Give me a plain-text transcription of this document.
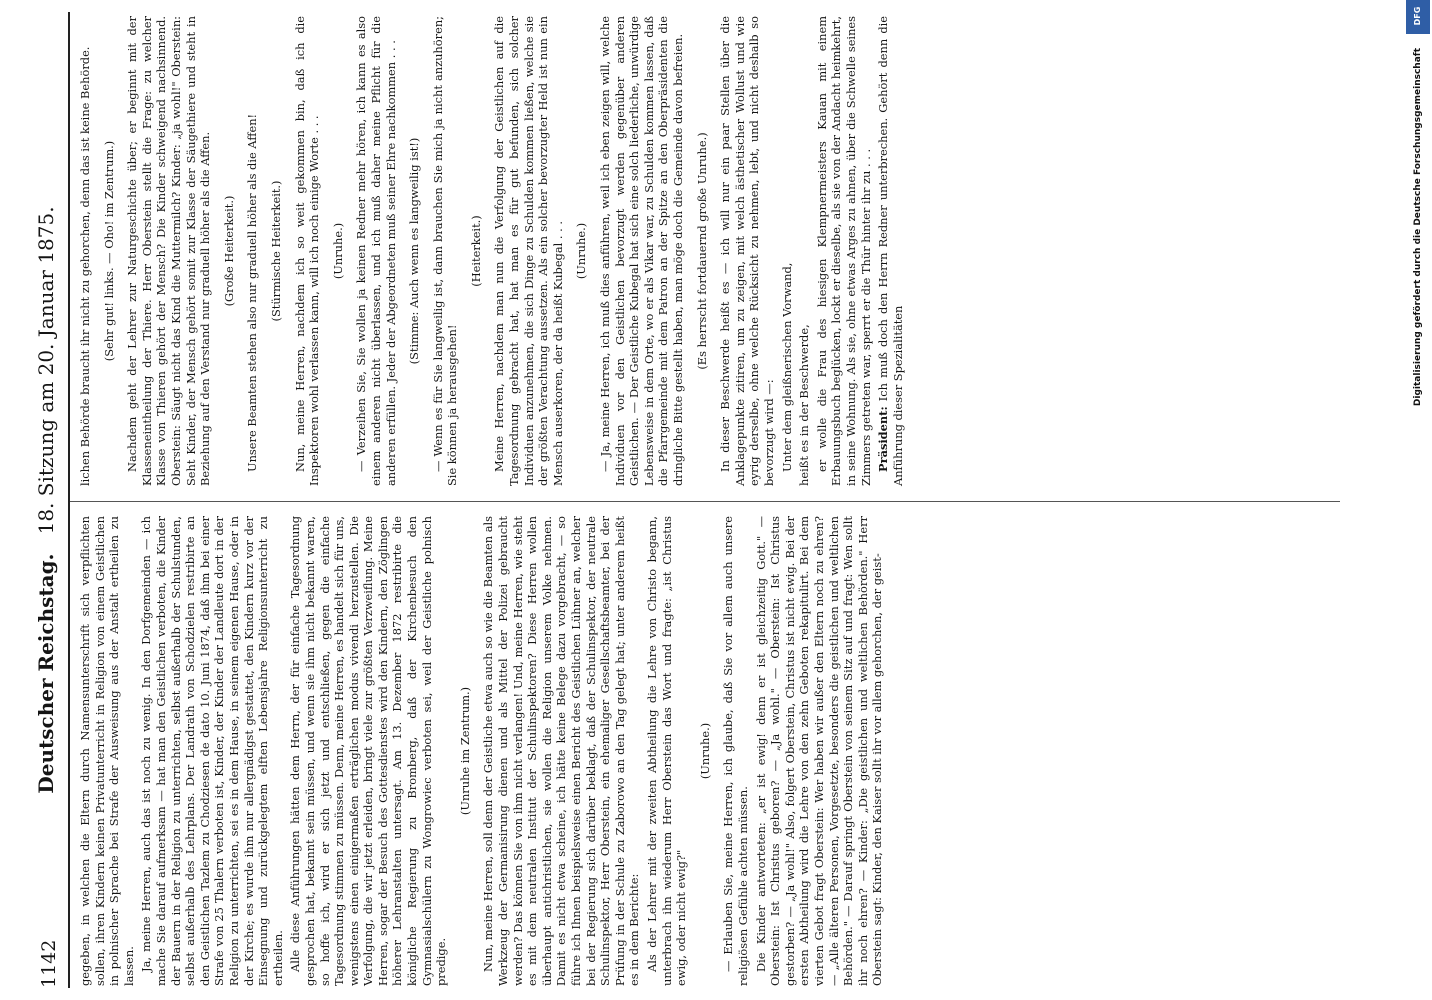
1142
Deutscher Reichstag.   18. Sitzung am 20. Januar 1875.

gegeben, in welchen die Eltern durch Namensunterschrift sich verpflichten sollen, ihren Kindern keinen Privatunterricht in Religion von einem Geistlichen in polnischer Sprache bei Strafe der Ausweisung aus der Anstalt ertheilen zu lassen. Ja, meine Herren, auch das ist noch zu wenig. In den Dorfgemeinden — ich mache Sie darauf aufmerksam — hat man den Geistlichen verboten, die Kinder der Bauern in der Religion zu unterrichten, selbst außerhalb der Schulstunden, selbst außerhalb des Lehrplans. Der Landrath von Schodzielen restribirte an den Geistlichen Tazlem zu Chodziesen de dato 10. Juni 1874, daß ihm bei einer Strafe von 25 Thalern verboten ist, Kinder, der Kinder der Landleute dort in der Religion zu unterrichten, sei es in dem Hause, in seinem eigenen Hause, oder in der Kirche; es wurde ihm nur allergnädigst gestattet, den Kindern kurz vor der Einsegnung und zurückgelegtem elften Lebensjahre Religionsunterricht zu ertheilen. Alle diese Anführungen hätten dem Herrn, der für einfache Tagesordnung gesprochen hat, bekannt sein müssen, und wenn sie ihm nicht bekannt waren, so hoffe ich, wird er sich jetzt und entschließen, gegen die einfache Tagesordnung stimmen zu müssen. Denn, meine Herren, es handelt sich für uns, wenigstens einen einigermaßen erträglichen modus vivendi herzustellen. Die Verfolgung, die wir jetzt erleiden, bringt viele zur größten Verzweiflung. Meine Herren, sogar der Besuch des Gottesdienstes wird den Kindern, den Zöglingen höherer Lehranstalten untersagt. Am 13. Dezember 1872 restribirte die königliche Regierung zu Bromberg, daß der Kirchenbesuch den Gymnasialschülern zu Wongrowiec verboten sei, weil der Geistliche polnisch predige.

(Unruhe im Zentrum.) Nun, meine Herren, soll denn der Geistliche etwa auch so wie die Beamten als Werkzeug der Germanisirung dienen und als Mittel der Polizei gebraucht werden? Das können Sie von ihm nicht verlangen! Und, meine Herren, wie steht es mit dem neutralen Institut der Schulinspektoren? Diese Herren wollen überhaupt antichristlichen, sie wollen die Religion unserem Volke nehmen. Damit es nicht etwa scheine, ich hätte keine Belege dazu vorgebracht, — so führe ich Ihnen beispielsweise einen Bericht des Geistlichen Lühner an, welcher bei der Regierung sich darüber beklagt, daß der Schulinspektor, der neutrale Schulinspektor, Herr Oberstein, ein ehemaliger Gesellschaftsbeamter, bei der Prüfung in der Schule zu Zaborowo an den Tag gelegt hat; unter anderem heißt es in dem Berichte: Als der Lehrer mit der zweiten Abtheilung die Lehre von Christo begann, unterbrach ihn wiederum Herr Oberstein das Wort und fragte: „ist Christus ewig, oder nicht ewig?"

(Unruhe.) — Erlauben Sie, meine Herren, ich glaube, daß Sie vor allem auch unsere religiösen Gefühle achten müssen. Die Kinder antworteten: „er ist ewig! denn er ist gleichzeitig Gott." — Oberstein: Ist Christus geboren? — „Ja wohl." — Oberstein: Ist Christus gestorben? — „Ja wohl!" Also, folgert Oberstein, Christus ist nicht ewig. Bei der ersten Abtheilung wird die Lehre von den zehn Geboten rekapitulirt. Bei dem vierten Gebot fragt Oberstein: Wer haben wir außer den Eltern noch zu ehren? — „Alle älteren Personen, Vorgesetzte, besonders die geistlichen und weltlichen Behörden." — Darauf springt Oberstein von seinem Sitz auf und fragt: Wen sollt ihr noch ehren? — Kinder: „Die geistlichen und weltlichen Behörden." Herr Oberstein sagt: Kinder, den Kaiser sollt ihr vor allem gehorchen, der geist-

lichen Behörde braucht ihr nicht zu gehorchen, denn das ist keine Behörde. (Sehr gut! links. — Oho! im Zentrum.) Nachdem geht der Lehrer zur Naturgeschichte über; er beginnt mit der Klasseneintheilung der Thiere. Herr Oberstein stellt die Frage: zu welcher Klasse von Thieren gehört der Mensch? Die Kinder schweigend nachsinnend. Oberstein: Säugt nicht das Kind die Muttermilch? Kinder: „ja wohl!" Oberstein: Seht Kinder, der Mensch gehört somit zur Klasse der Säugethiere und steht in Beziehung auf den Verstand nur graduell höher als die Affen. (Große Heiterkeit.) Unsere Beamten stehen also nur graduell höher als die Affen! (Stürmische Heiterkeit.) Nun, meine Herren, nachdem ich so weit gekommen bin, daß ich die Inspektoren wohl verlassen kann, will ich noch einige Worte . . . (Unruhe.) — Verzeihen Sie, Sie wollen ja keinen Redner mehr hören, ich kann es also einem anderen nicht überlassen, und ich muß daher meine Pflicht für die anderen erfüllen. Jeder der Abgeordneten muß seiner Ehre nachkommen . . . (Stimme: Auch wenn es langweilig ist!) — Wenn es für Sie langweilig ist, dann brauchen Sie mich ja nicht anzuhören; Sie können ja herausgehen!

(Heiterkeit.) Meine Herren, nachdem man nun die Verfolgung der Geistlichen auf die Tagesordnung gebracht hat, hat man es für gut befunden, sich solcher Individuen anzunehmen, die sich Dinge zu Schulden kommen ließen, welche sie der größten Verachtung aussetzen. Als ein solcher bevorzugter Held ist nun ein Mensch auserkoren, der da heißt Kubegal . . . (Unruhe.) — Ja, meine Herren, ich muß dies anführen, weil ich eben zeigen will, welche Individuen vor den Geistlichen bevorzugt werden gegenüber anderen Geistlichen. — Der Geistliche Kubegal hat sich eine solch liederliche, unwürdige Lebensweise in dem Orte, wo er als Vikar war, zu Schulden kommen lassen, daß die Pfarrgemeinde mit dem Patron an der Spitze an den Oberpräsidenten die dringliche Bitte gestellt haben, man möge doch die Gemeinde davon befreien. (Es herrscht fortdauernd große Unruhe.) In dieser Beschwerde heißt es — ich will nur ein paar Stellen über die Anklagepunkte zitiren, um zu zeigen, mit welch ästhetischer Wollust und wie eyrig derselbe, ohne welche Rücksicht zu nehmen, lebt, und nicht deshalb so bevorzugt wird —: Unter dem gleißnerischen Vorwand, heißt es in der Beschwerde, er wolle die Frau des hiesigen Klempnermeisters Kauan mit einem Erbauungsbuch beglücken, lockt er dieselbe, als sie von der Andacht heimkehrt, in seine Wohnung. Als sie, ohne etwas Arges zu ahnen, über die Schwelle seines Zimmers getreten war, sperrt er die Thür hinter ihr zu . . . Präsident: Ich muß doch den Herrn Redner unterbrechen. Gehört denn die Anführung dieser Spezialitäten	Digitalisierung gefördert durch die Deutsche Forschungsgemeinschaft
DFG
